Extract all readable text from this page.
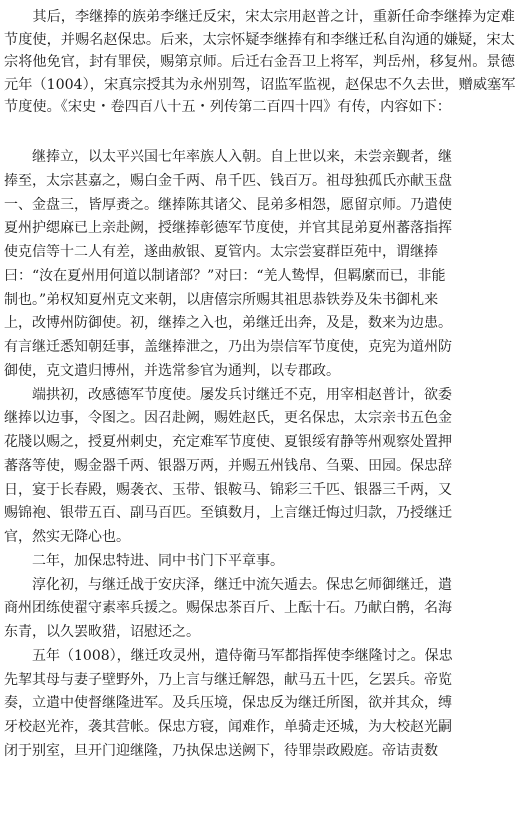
　　其后，李继捧的族弟李继迁反宋，宋太宗用赵普之计，重新任命李继捧为定难
节度使，并赐名赵保忠。后来，太宗怀疑李继捧有和李继迁私自沟通的嫌疑，宋太
宗将他免官，封有罪侯，赐第京师。后迁右金吾卫上将军，判岳州，移复州。景德
元年（1004），宋真宗授其为永州别驾，诏监军监视，赵保忠不久去世，赠威塞军
节度使。《宋史・卷四百八十五・列传第二百四十四》有传，内容如下：
　　继捧立，以太平兴国七年率族人入朝。自上世以来，未尝亲觐者，继
捧至，太宗甚嘉之，赐白金千两、帛千匹、钱百万。祖母独孤氏亦献玉盘
一、金盘三，皆厚赉之。继捧陈其诸父、昆弟多相怨，愿留京师。乃遣使
夏州护缌麻已上亲赴阙，授继捧彰德军节度使，并官其昆弟夏州蕃落指挥
使克信等十二人有差，遂曲赦银、夏管内。太宗尝宴群臣苑中，谓继捧
曰：“汝在夏州用何道以制诸部？”对曰：“羌人鸷悍，但羁縻而已，非能
制也。”弟权知夏州克文来朝，以唐僖宗所赐其祖思恭铁券及朱书御札来
上，改博州防御使。初，继捧之入也，弟继迁出奔，及是，数来为边患。
有言继迁悉知朝廷事，盖继捧泄之，乃出为崇信军节度使，克宪为道州防
御使，克文遣归博州，并选常参官为通判，以专郡政。
　　端拱初，改感德军节度使。屡发兵讨继迁不克，用宰相赵普计，欲委
继捧以边事，令图之。因召赴阙，赐姓赵氏，更名保忠，太宗亲书五色金
花牋以赐之，授夏州刺史，充定难军节度使、夏银绥宥静等州观察处置押
蕃落等使，赐金器千两、银器万两，并赐五州钱帛、刍粟、田园。保忠辞
日，宴于长春殿，赐袭衣、玉带、银鞍马、锦彩三千匹、银器三千两，又
赐锦袍、银带五百、副马百匹。至镇数月，上言继迁悔过归款，乃授继迁
官，然实无降心也。
　　二年，加保忠特进、同中书门下平章事。
　　淳化初，与继迁战于安庆泽，继迁中流矢遁去。保忠乞师御继迁，遣
商州团练使翟守素率兵援之。赐保忠茶百斤、上酝十石。乃献白鹘，名海
东青，以久罢畋猎，诏慰还之。
　　五年（1008），继迁攻灵州，遣侍衛马军都指挥使李继隆讨之。保忠
先挈其母与妻子壁野外，乃上言与继迁解怨，献马五十匹，乞罢兵。帝览
奏，立遣中使督继隆进军。及兵压境，保忠反为继迁所图，欲并其众，缚
牙校赵光祚，袭其营帐。保忠方寝，闻难作，单骑走还城，为大校赵光嗣
闭于别室，旦开门迎继隆，乃执保忠送阙下，待罪崇政殿庭。帝诘责数
